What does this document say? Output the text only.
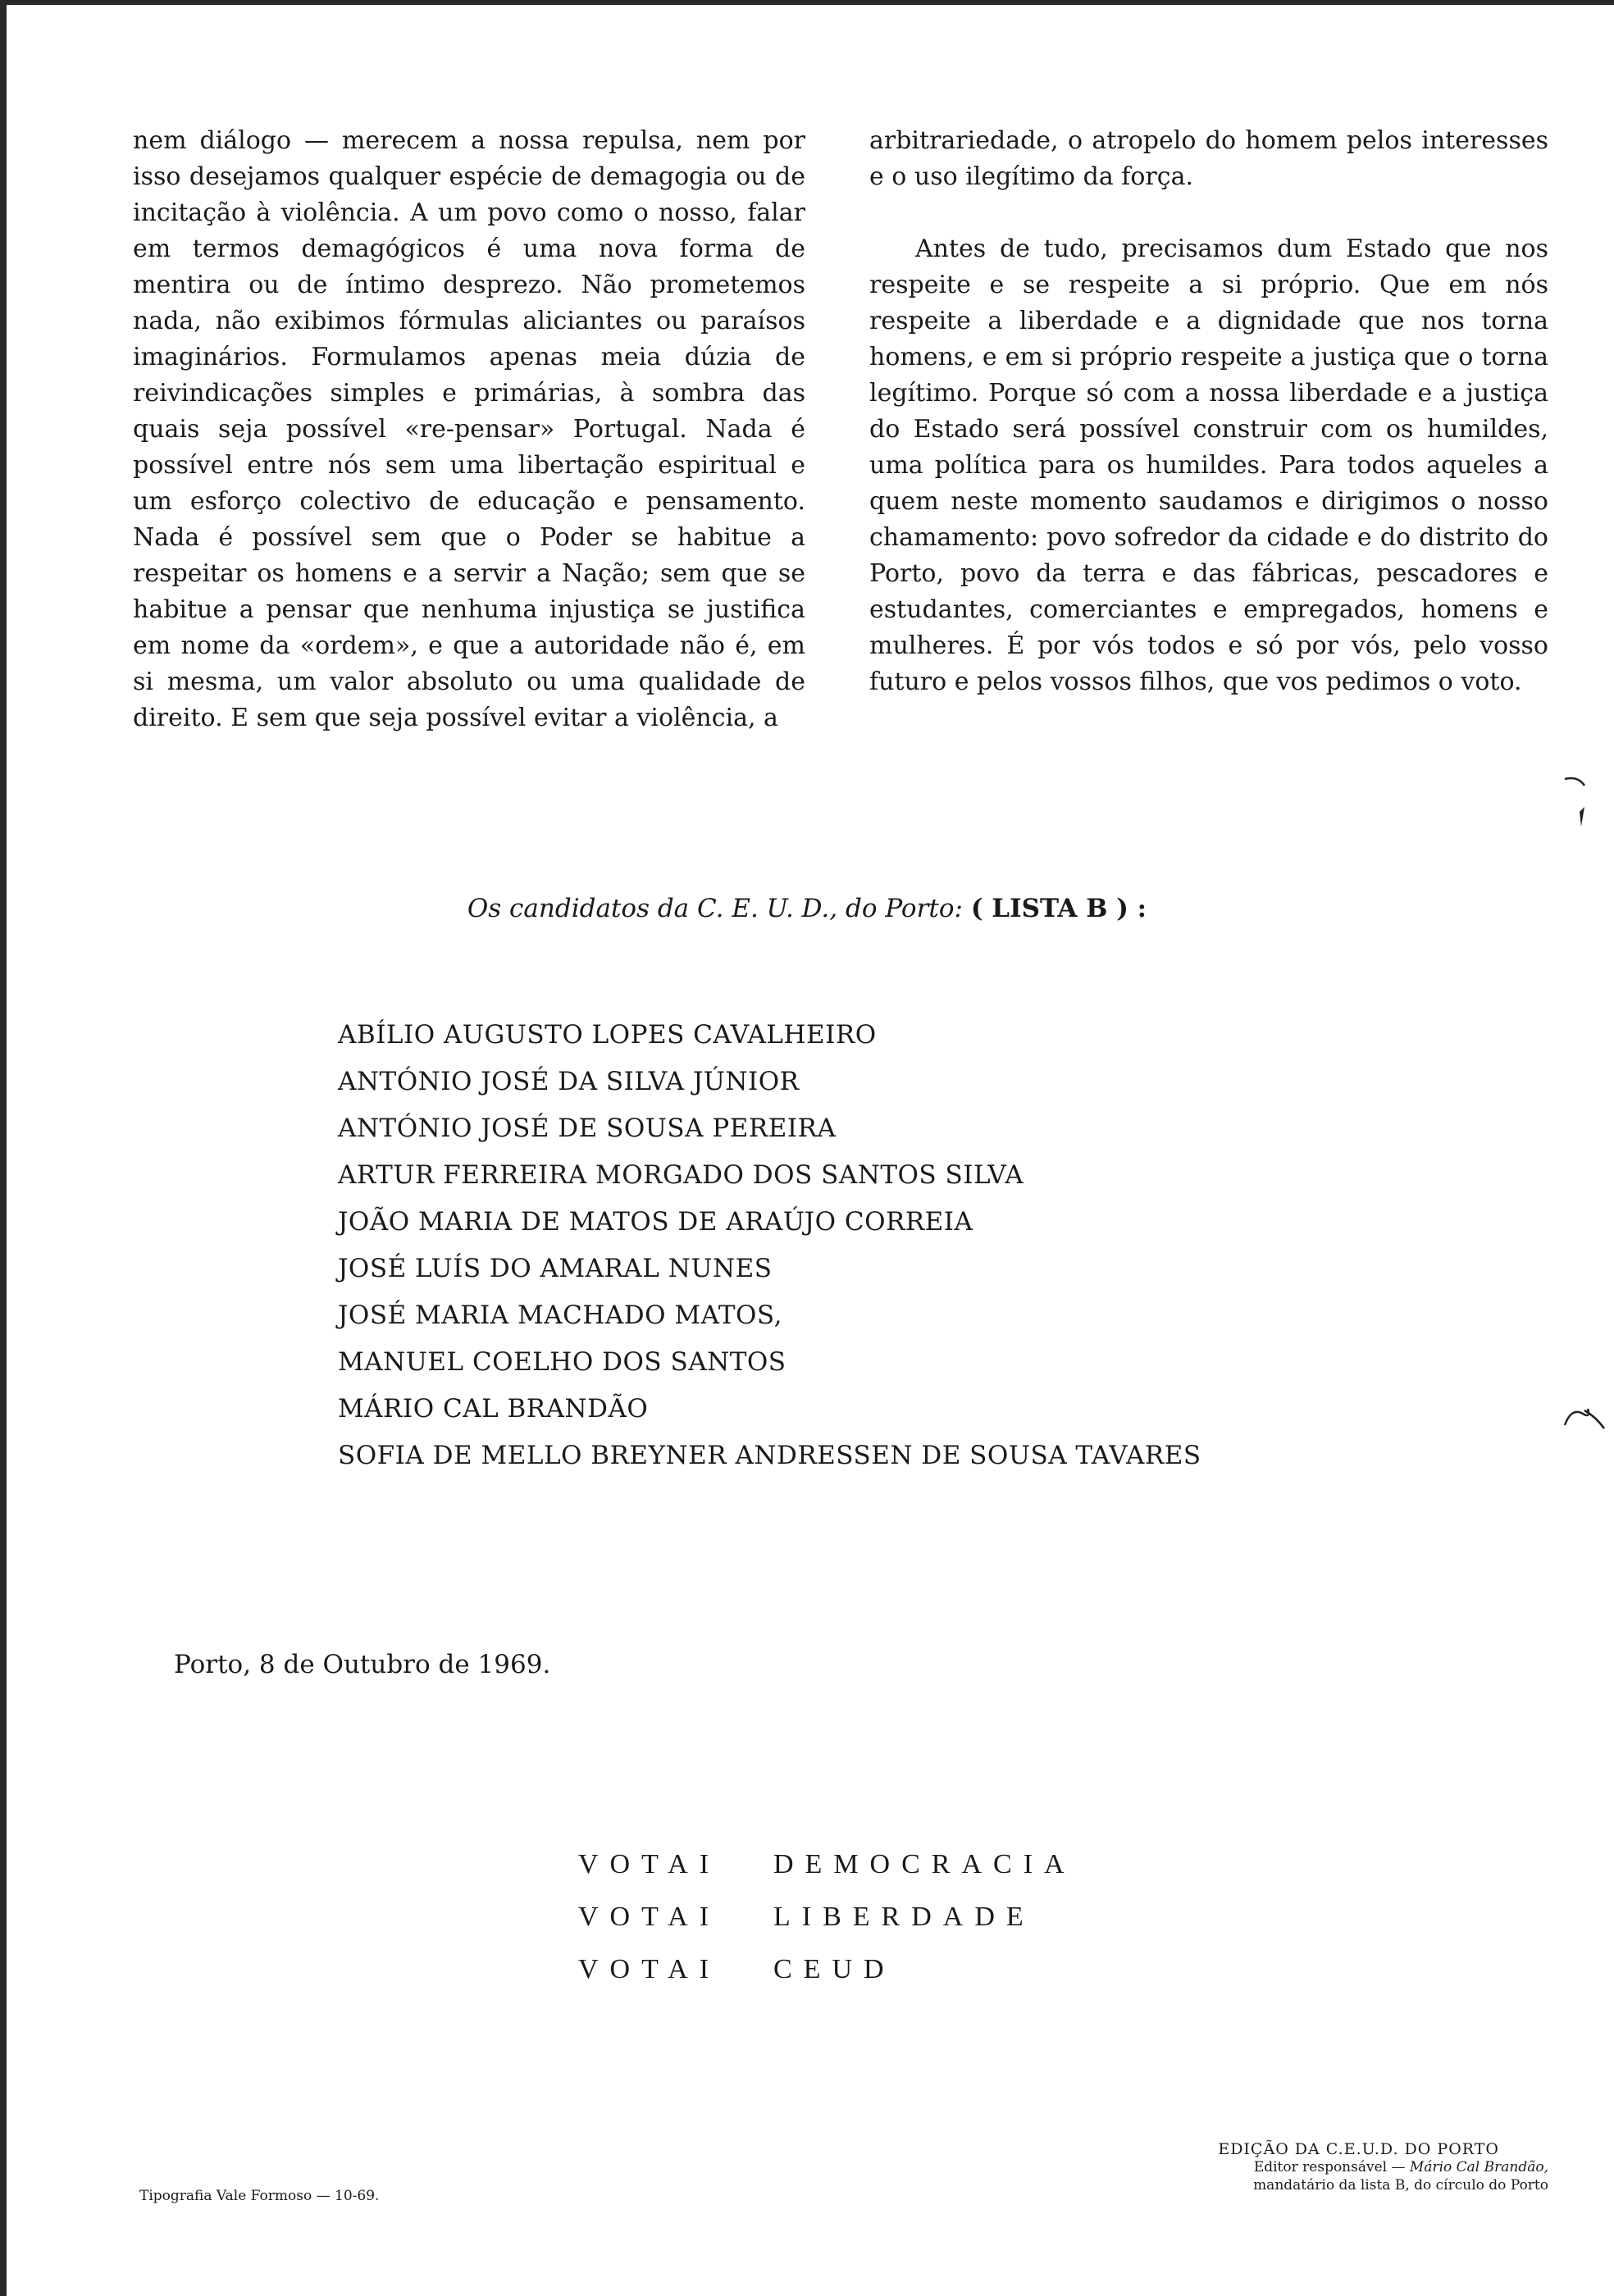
nem diálogo — merecem a nossa repulsa, nem por isso desejamos qualquer espécie de demagogia ou de incitação à violência. A um povo como o nosso, falar em termos demagógicos é uma nova forma de mentira ou de íntimo desprezo. Não prometemos nada, não exibimos fórmulas aliciantes ou paraísos imaginários. Formulamos apenas meia dúzia de reivindicações simples e primárias, à sombra das quais seja possível «re-pensar» Portugal. Nada é possível entre nós sem uma libertação espiritual e um esforço colectivo de educação e pensamento. Nada é possível sem que o Poder se habitue a respeitar os homens e a servir a Nação; sem que se habitue a pensar que nenhuma injustiça se justifica em nome da «ordem», e que a autoridade não é, em si mesma, um valor absoluto ou uma qualidade de direito. E sem que seja possível evitar a violência, a

arbitrariedade, o atropelo do homem pelos interesses e o uso ilegítimo da força.

Antes de tudo, precisamos dum Estado que nos respeite e se respeite a si próprio. Que em nós respeite a liberdade e a dignidade que nos torna homens, e em si próprio respeite a justiça que o torna legítimo. Porque só com a nossa liberdade e a justiça do Estado será possível construir com os humildes, uma política para os humildes. Para todos aqueles a quem neste momento saudamos e dirigimos o nosso chamamento: povo sofredor da cidade e do distrito do Porto, povo da terra e das fábricas, pescadores e estudantes, comerciantes e empregados, homens e mulheres. É por vós todos e só por vós, pelo vosso futuro e pelos vossos filhos, que vos pedimos o voto.

Os candidatos da C. E. U. D., do Porto: ( LISTA B ) :
ABÍLIO AUGUSTO LOPES CAVALHEIRO
ANTÓNIO JOSÉ DA SILVA JÚNIOR
ANTÓNIO JOSÉ DE SOUSA PEREIRA
ARTUR FERREIRA MORGADO DOS SANTOS SILVA
JOÃO MARIA DE MATOS DE ARAÚJO CORREIA
JOSÉ LUÍS DO AMARAL NUNES
JOSÉ MARIA MACHADO MATOS,
MANUEL COELHO DOS SANTOS
MÁRIO CAL BRANDÃO
SOFIA DE MELLO BREYNER ANDRESSEN DE SOUSA TAVARES
Porto, 8 de Outubro de 1969.
VOTAI DEMOCRACIA
VOTAI LIBERDADE
VOTAI CEUD
Tipografia Vale Formoso — 10-69.
EDIÇÃO DA C.E.U.D. DO PORTO
Editor responsável — Mário Cal Brandão,
mandatário da lista B, do círculo do Porto
